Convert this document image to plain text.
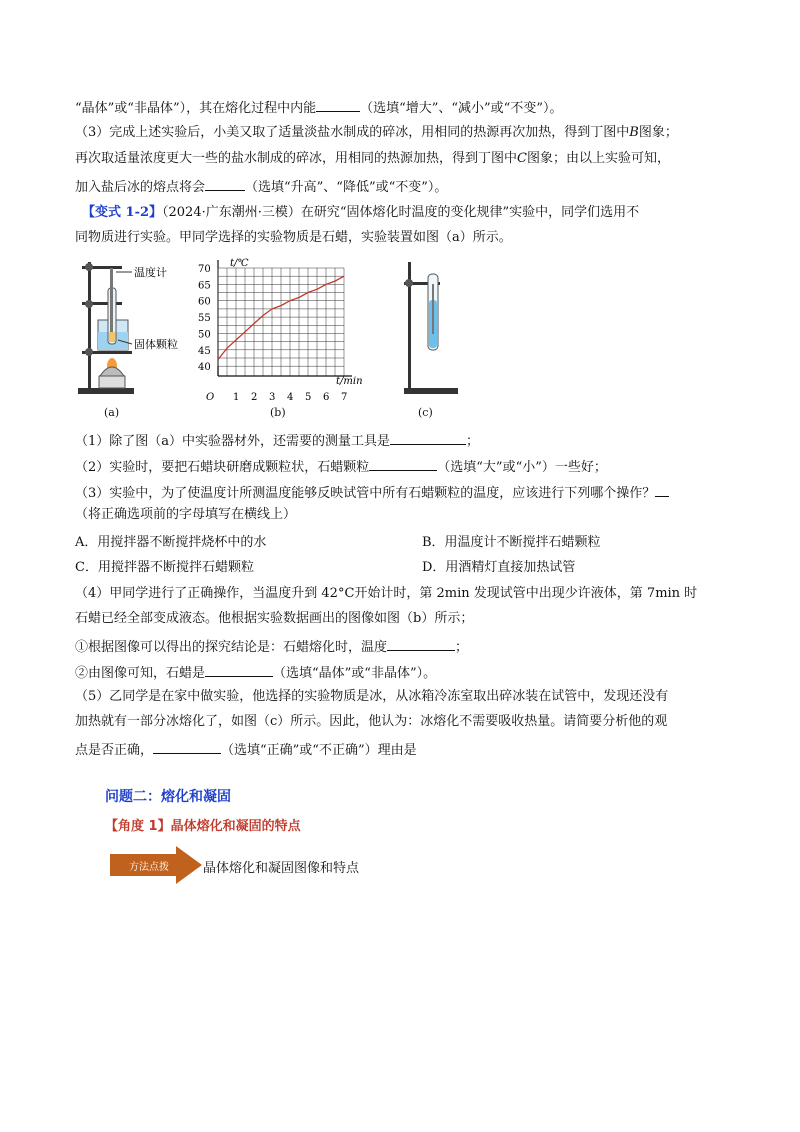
“晶体”或“非晶体”），其在熔化过程中内能	（选填“增大”、“减小”或“不变”）。
（3）完成上述实验后，小美又取了适量淡盐水制成的碎冰，用相同的热源再次加热，得到丁图中B图象；
再次取适量浓度更大一些的盐水制成的碎冰，用相同的热源加热，得到丁图中C图象；由以上实验可知，
加入盐后冰的熔点将会	（选填“升高”、“降低”或“不变”）。
【变式 1-2】（2024·广东潮州·三模）在研究“固体熔化时温度的变化规律”实验中，同学们选用不
同物质进行实验。甲同学选择的实验物质是石蜡，实验装置如图（a）所示。
温度计
固体颗粒
(a)
1 2 3 4 5 6 7
40
45
50
55
60
65
70
t/℃
t/min
O
(b)	(c)
（1）除了图（a）中实验器材外，还需要的测量工具是	；
（2）实验时，要把石蜡块研磨成颗粒状，石蜡颗粒	（选填“大”或“小”）一些好；
（3）实验中，为了使温度计所测温度能够反映试管中所有石蜡颗粒的温度，应该进行下列哪个操作？
（将正确选项前的字母填写在横线上）
A．用搅拌器不断搅拌烧杯中的水	B．用温度计不断搅拌石蜡颗粒
C．用搅拌器不断搅拌石蜡颗粒	D．用酒精灯直接加热试管
（4）甲同学进行了正确操作，当温度升到 42°C开始计时，第 2min 发现试管中出现少许液体，第 7min 时
石蜡已经全部变成液态。他根据实验数据画出的图像如图（b）所示；
①根据图像可以得出的探究结论是：石蜡熔化时，温度	；
②由图像可知，石蜡是	（选填“晶体”或“非晶体”）。
（5）乙同学是在家中做实验，他选择的实验物质是冰，从冰箱冷冻室取出碎冰装在试管中，发现还没有
加热就有一部分冰熔化了，如图（c）所示。因此，他认为：冰熔化不需要吸收热量。请简要分析他的观
点是否正确，	（选填“正确”或“不正确”）理由是
问题二：熔化和凝固
【角度 1】晶体熔化和凝固的特点
方法点拨	晶体熔化和凝固图像和特点
